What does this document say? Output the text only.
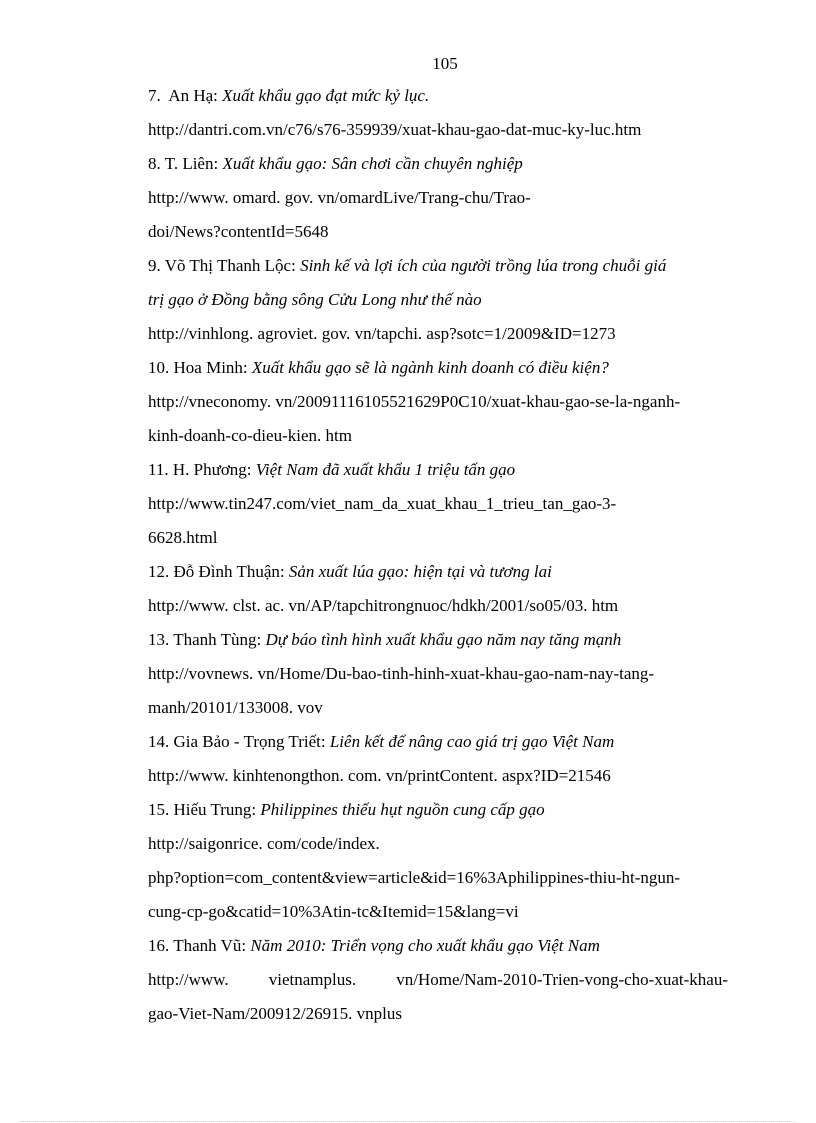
105
7. An Hạ: Xuất khẩu gạo đạt mức kỷ lục.
http://dantri.com.vn/c76/s76-359939/xuat-khau-gao-dat-muc-ky-luc.htm
8. T. Liên: Xuất khẩu gạo: Sân chơi cần chuyên nghiệp
http://www. omard. gov. vn/omardLive/Trang-chu/Trao-
doi/News?contentId=5648
9. Võ Thị Thanh Lộc: Sinh kế và lợi ích của người trồng lúa trong chuỗi giá
trị gạo ở Đồng bằng sông Cửu Long như thế nào
http://vinhlong. agroviet. gov. vn/tapchi. asp?sotc=1/2009&ID=1273
10. Hoa Minh: Xuất khẩu gạo sẽ là ngành kinh doanh có điều kiện?
http://vneconomy. vn/20091116105521629P0C10/xuat-khau-gao-se-la-nganh-
kinh-doanh-co-dieu-kien. htm
11. H. Phương: Việt Nam đã xuất khẩu 1 triệu tấn gạo
http://www.tin247.com/viet_nam_da_xuat_khau_1_trieu_tan_gao-3-
6628.html
12. Đỗ Đình Thuận: Sản xuất lúa gạo: hiện tại và tương lai
http://www. clst. ac. vn/AP/tapchitrongnuoc/hdkh/2001/so05/03. htm
13. Thanh Tùng: Dự báo tình hình xuất khẩu gạo năm nay tăng mạnh
http://vovnews. vn/Home/Du-bao-tinh-hinh-xuat-khau-gao-nam-nay-tang-
manh/20101/133008. vov
14. Gia Bảo - Trọng Triết: Liên kết để nâng cao giá trị gạo Việt Nam
http://www. kinhtenongthon. com. vn/printContent. aspx?ID=21546
15. Hiếu Trung: Philippines thiếu hụt nguồn cung cấp gạo
http://saigonrice. com/code/index.
php?option=com_content&view=article&id=16%3Aphilippines-thiu-ht-ngun-
cung-cp-go&catid=10%3Atin-tc&Itemid=15&lang=vi
16. Thanh Vũ: Năm 2010: Triển vọng cho xuất khẩu gạo Việt Nam
http://www. vietnamplus. vn/Home/Nam-2010-Trien-vong-cho-xuat-khau-
gao-Viet-Nam/200912/26915. vnplus
